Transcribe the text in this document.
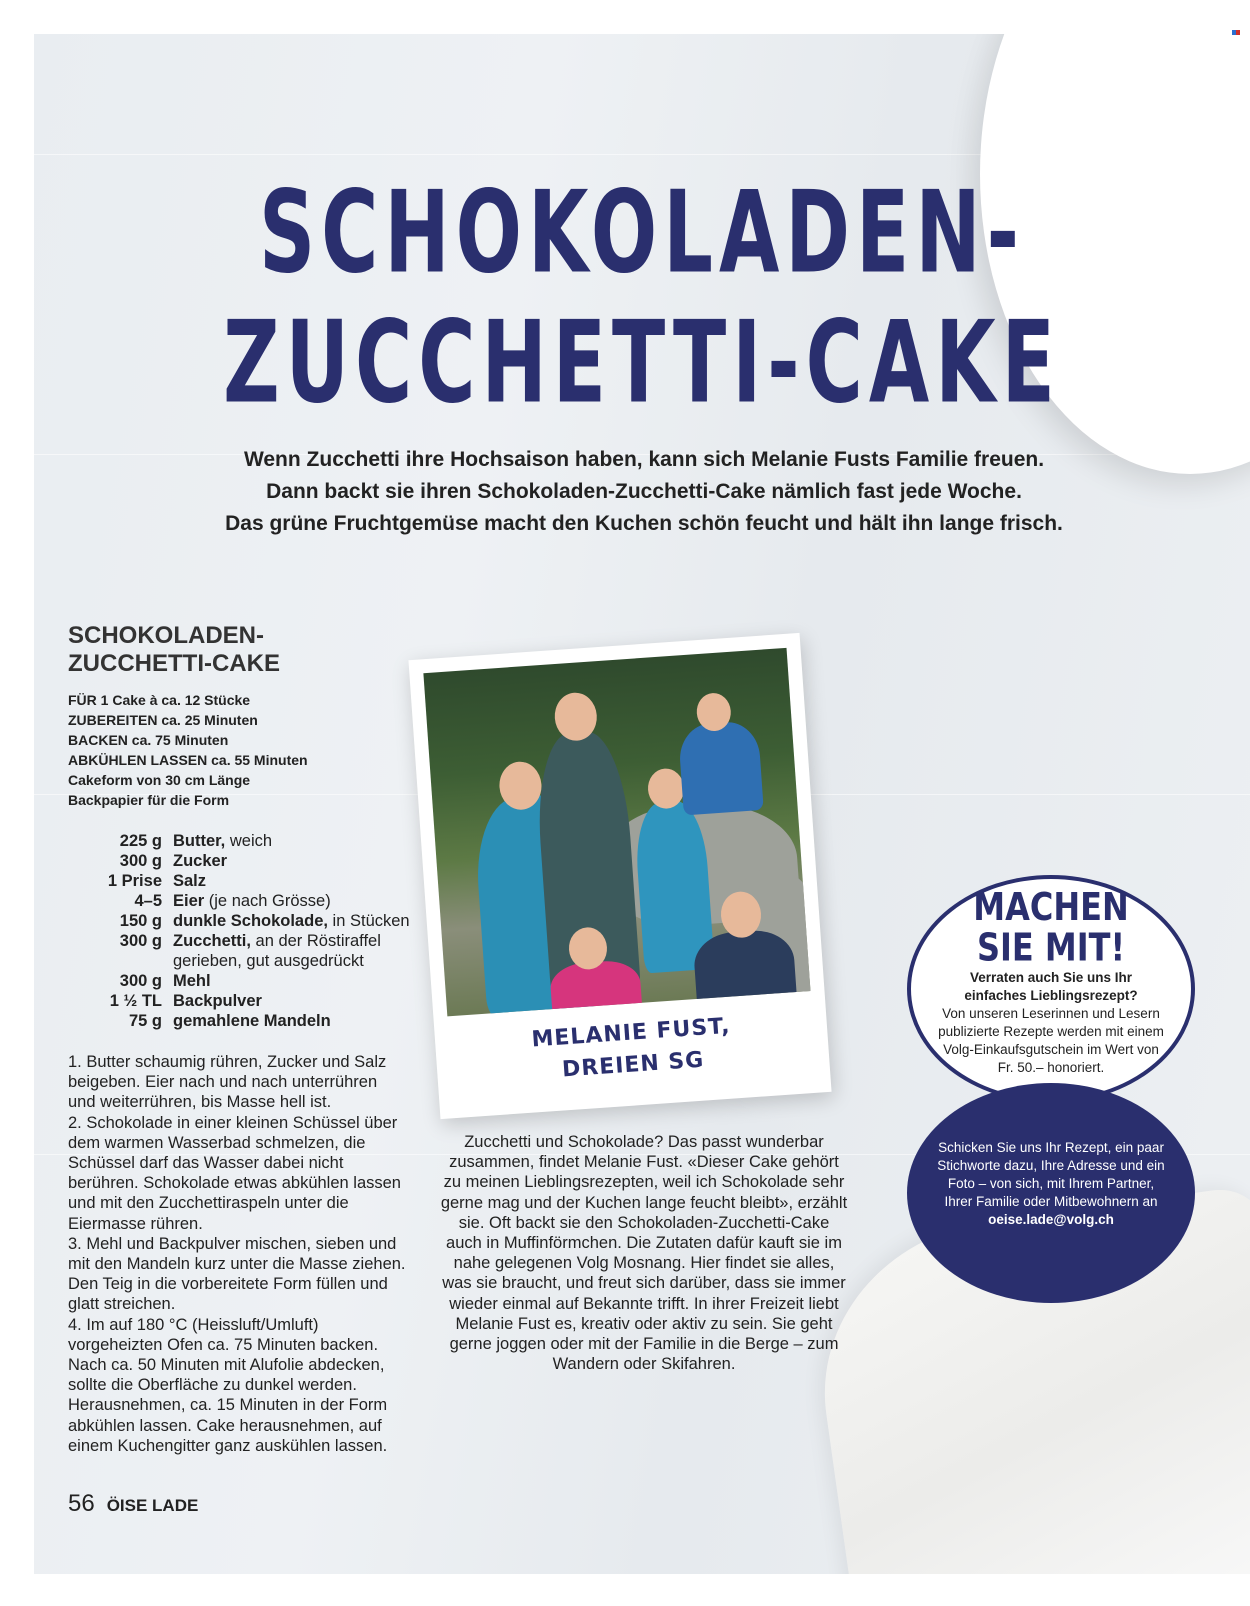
SCHOKOLADEN-
ZUCCHETTI-CAKE
Wenn Zucchetti ihre Hochsaison haben, kann sich Melanie Fusts Familie freuen.
Dann backt sie ihren Schokoladen-Zucchetti-Cake nämlich fast jede Woche.
Das grüne Fruchtgemüse macht den Kuchen schön feucht und hält ihn lange frisch.
SCHOKOLADEN-
ZUCCHETTI-CAKE
FÜR 1 Cake à ca. 12 Stücke
ZUBEREITEN ca. 25 Minuten
BACKEN ca. 75 Minuten
ABKÜHLEN LASSEN ca. 55 Minuten
Cakeform von 30 cm Länge
Backpapier für die Form
225 g Butter, weich
300 g Zucker
1 Prise Salz
4–5 Eier (je nach Grösse)
150 g dunkle Schokolade, in Stücken
300 g Zucchetti, an der Röstiraffel
gerieben, gut ausgedrückt
300 g Mehl
1 ½ TL Backpulver
75 g gemahlene Mandeln

1. Butter schaumig rühren, Zucker und Salz beigeben. Eier nach und nach unterrühren und weiterrühren, bis Masse hell ist.

2. Schokolade in einer kleinen Schüssel über dem warmen Wasserbad schmelzen, die Schüssel darf das Wasser dabei nicht berühren. Schokolade etwas abkühlen lassen und mit den Zucchettiraspeln unter die Eiermasse rühren.

3. Mehl und Backpulver mischen, sieben und mit den Mandeln kurz unter die Masse ziehen. Den Teig in die vorbereitete Form füllen und glatt streichen.

4. Im auf 180 °C (Heissluft/Umluft) vorgeheizten Ofen ca. 75 Minuten backen. Nach ca. 50 Minuten mit Alufolie abdecken, sollte die Oberfläche zu dunkel werden. Herausnehmen, ca. 15 Minuten in der Form abkühlen lassen. Cake herausnehmen, auf einem Kuchengitter ganz auskühlen lassen.

MELANIE FUST,
DREIEN SG
Zucchetti und Schokolade? Das passt wunderbar zusammen, findet Melanie Fust. «Dieser Cake gehört zu meinen Lieblingsrezepten, weil ich Schokolade sehr gerne mag und der Kuchen lange feucht bleibt», erzählt sie. Oft backt sie den Schokoladen-Zucchetti-Cake auch in Muffinförmchen. Die Zutaten dafür kauft sie im nahe gelegenen Volg Mosnang. Hier findet sie alles, was sie braucht, und freut sich darüber, dass sie immer wieder einmal auf Bekannte trifft. In ihrer Freizeit liebt Melanie Fust es, kreativ oder aktiv zu sein. Sie geht gerne joggen oder mit der Familie in die Berge – zum Wandern oder Skifahren.
MACHEN
SIE MIT!
Verraten auch Sie uns Ihr einfaches Lieblingsrezept?
Von unseren Leserinnen und Lesern publizierte Rezepte werden mit einem Volg-Einkaufsgutschein im Wert von Fr. 50.– honoriert.
Schicken Sie uns Ihr Rezept, ein paar Stichworte dazu, Ihre Adresse und ein Foto – von sich, mit Ihrem Partner, Ihrer Familie oder Mitbewohnern an
oeise.lade@volg.ch
56 ÖISE LADE
